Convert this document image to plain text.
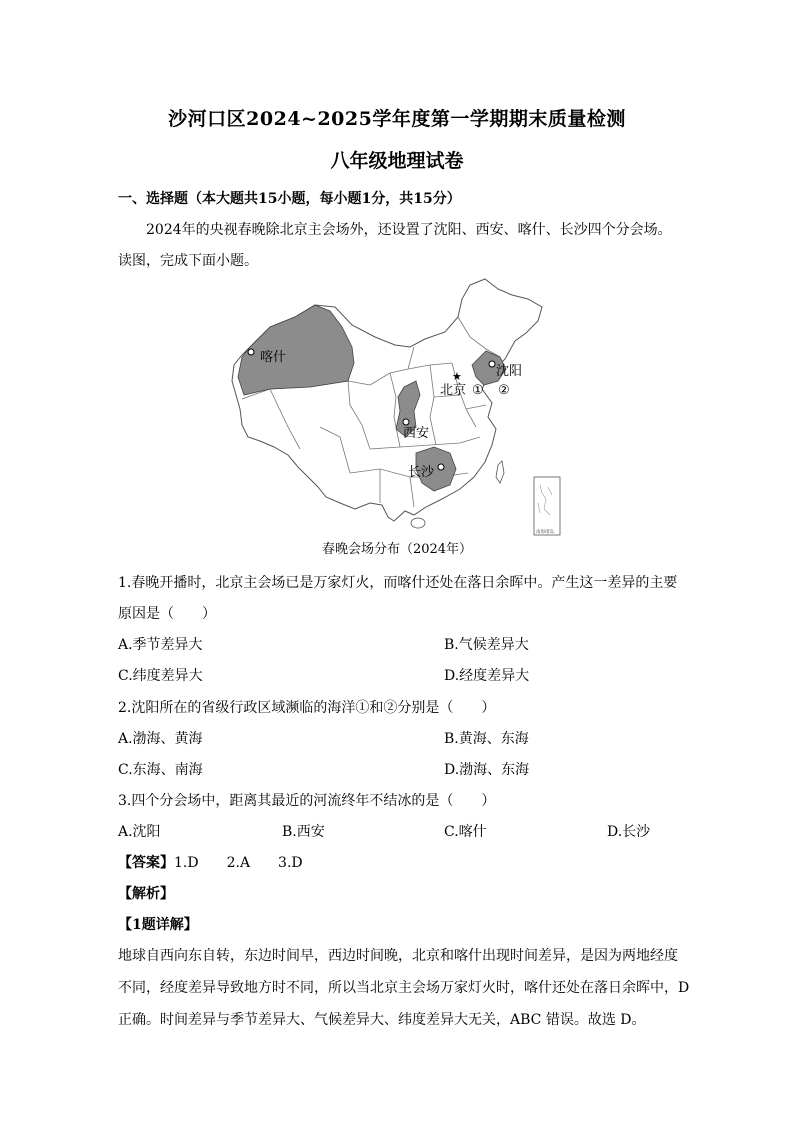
沙河口区2024~2025学年度第一学期期末质量检测
八年级地理试卷
一、选择题（本大题共15小题，每小题1分，共15分）
2024年的央视春晚除北京主会场外，还设置了沈阳、西安、喀什、长沙四个分会场。
读图，完成下面小题。
南海诸岛
喀什
沈阳
★
北京 ① ②
西安
长沙
春晚会场分布（2024年）
1.春晚开播时，北京主会场已是万家灯火，而喀什还处在落日余晖中。产生这一差异的主要
原因是（　　）
A.季节差异大	B.气候差异大
C.纬度差异大	D.经度差异大
2.沈阳所在的省级行政区域濒临的海洋①和②分别是（　　）
A.渤海、黄海	B.黄海、东海
C.东海、南海	D.渤海、东海
3.四个分会场中，距离其最近的河流终年不结冰的是（　　）
A.沈阳	B.西安	C.喀什	D.长沙
【答案】1.D　　2.A　　3.D
【解析】
【1题详解】
地球自西向东自转，东边时间早，西边时间晚，北京和喀什出现时间差异，是因为两地经度
不同，经度差异导致地方时不同，所以当北京主会场万家灯火时，喀什还处在落日余晖中，D
正确。时间差异与季节差异大、气候差异大、纬度差异大无关，ABC 错误。故选 D。
